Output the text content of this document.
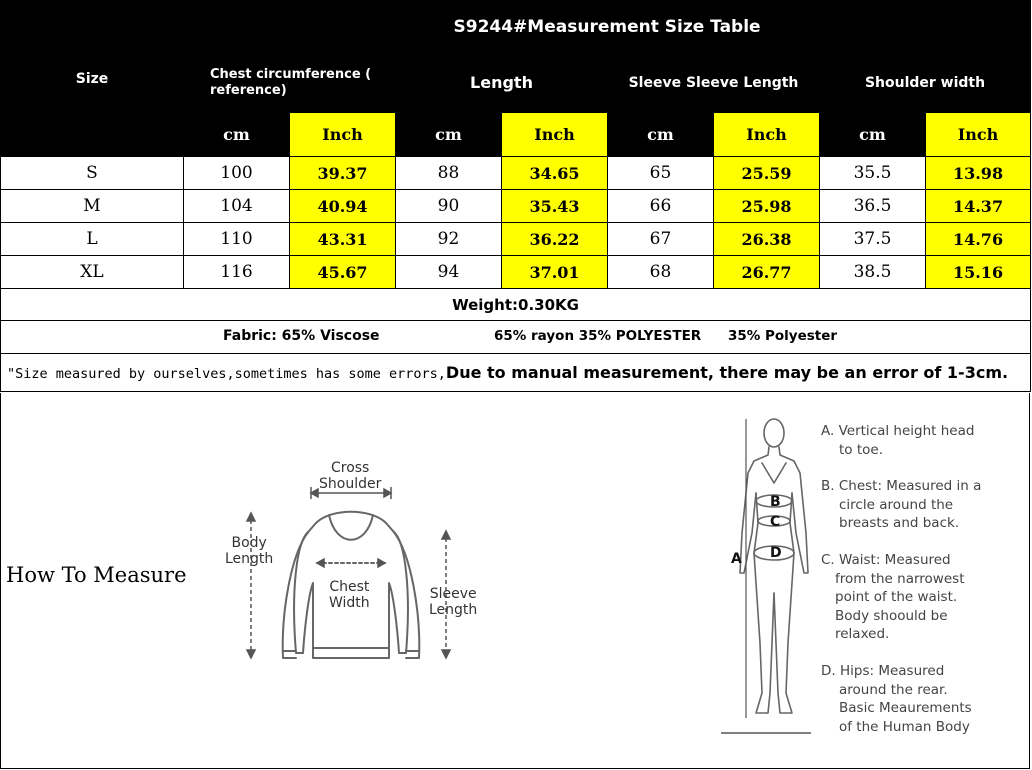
Size	S9244#Measurement Size Table							
	Chest circumference ( reference)		Length		Sleeve Sleeve Length		Shoulder width	
	cm	Inch	cm	Inch	cm	Inch	cm	Inch
S	100	39.37	88	34.65	65	25.59	35.5	13.98
M	104	40.94	90	35.43	66	25.98	36.5	14.37
L	110	43.31	92	36.22	67	26.38	37.5	14.76
XL	116	45.67	94	37.01	68	26.77	38.5	15.16
Weight:0.30KG								

Fabric: 65% Viscose 65% rayon 35% POLYESTER 35% Polyester								

"Size measured by ourselves,sometimes has some errors,Due to manual measurement, there may be an error of 1-3cm.								
How To Measure
Cross
Shoulder
Body
Length
Chest
Width
Sleeve
Length
A
B
C
D
A. Vertical height head
to toe.
B. Chest: Measured in a
circle around the
breasts and back.
C. Waist: Measured
from the narrowest
point of the waist.
Body shoould be
relaxed.
D. Hips: Measured
around the rear.
Basic Meaurements
of the Human Body
